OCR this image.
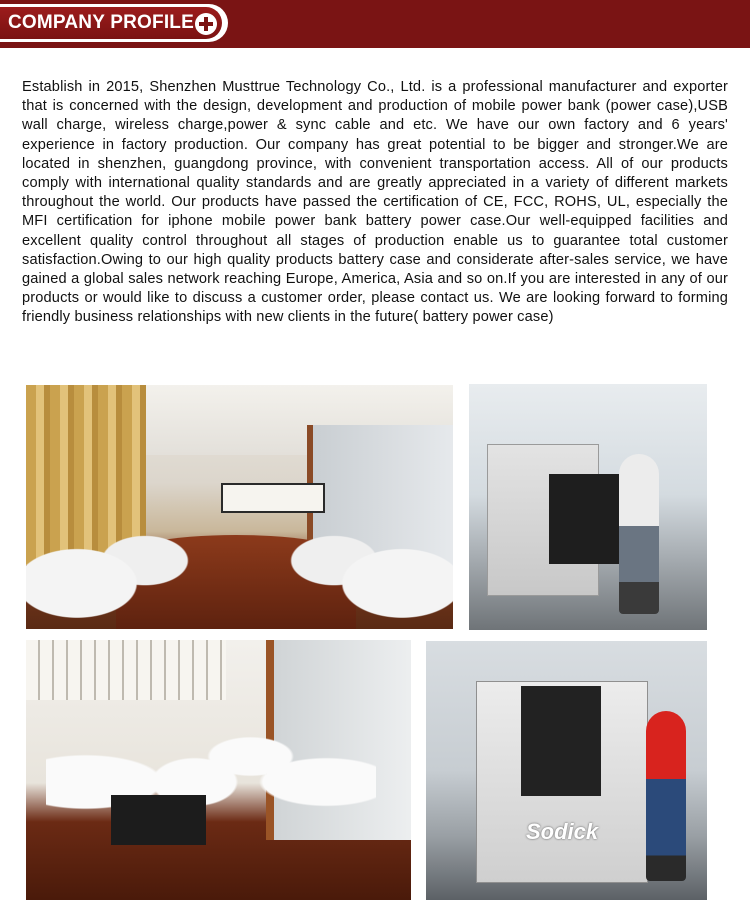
COMPANY PROFILE
Establish in 2015, Shenzhen Musttrue Technology Co., Ltd. is a professional manufacturer and exporter that is concerned with the design, development and production of mobile power bank (power case),USB wall charge, wireless charge,power & sync cable and etc. We have our own factory and 6 years' experience in factory production. Our company has great potential to be bigger and stronger.We are located in shenzhen, guangdong province, with convenient transportation access. All of our products comply with international quality standards and are greatly appreciated in a variety of different markets throughout the world. Our products have passed the certification of CE, FCC, ROHS, UL, especially the MFI certification for iphone mobile power bank battery power case.Our well-equipped facilities and excellent quality control throughout all stages of production enable us to guarantee total customer satisfaction.Owing to our high quality products battery case and considerate after-sales service, we have gained a global sales network reaching Europe, America, Asia and so on.If you are interested in any of our products or would like to discuss a customer order, please contact us. We are looking forward to forming friendly business relationships with new clients in the future( battery power case)
Sodick
